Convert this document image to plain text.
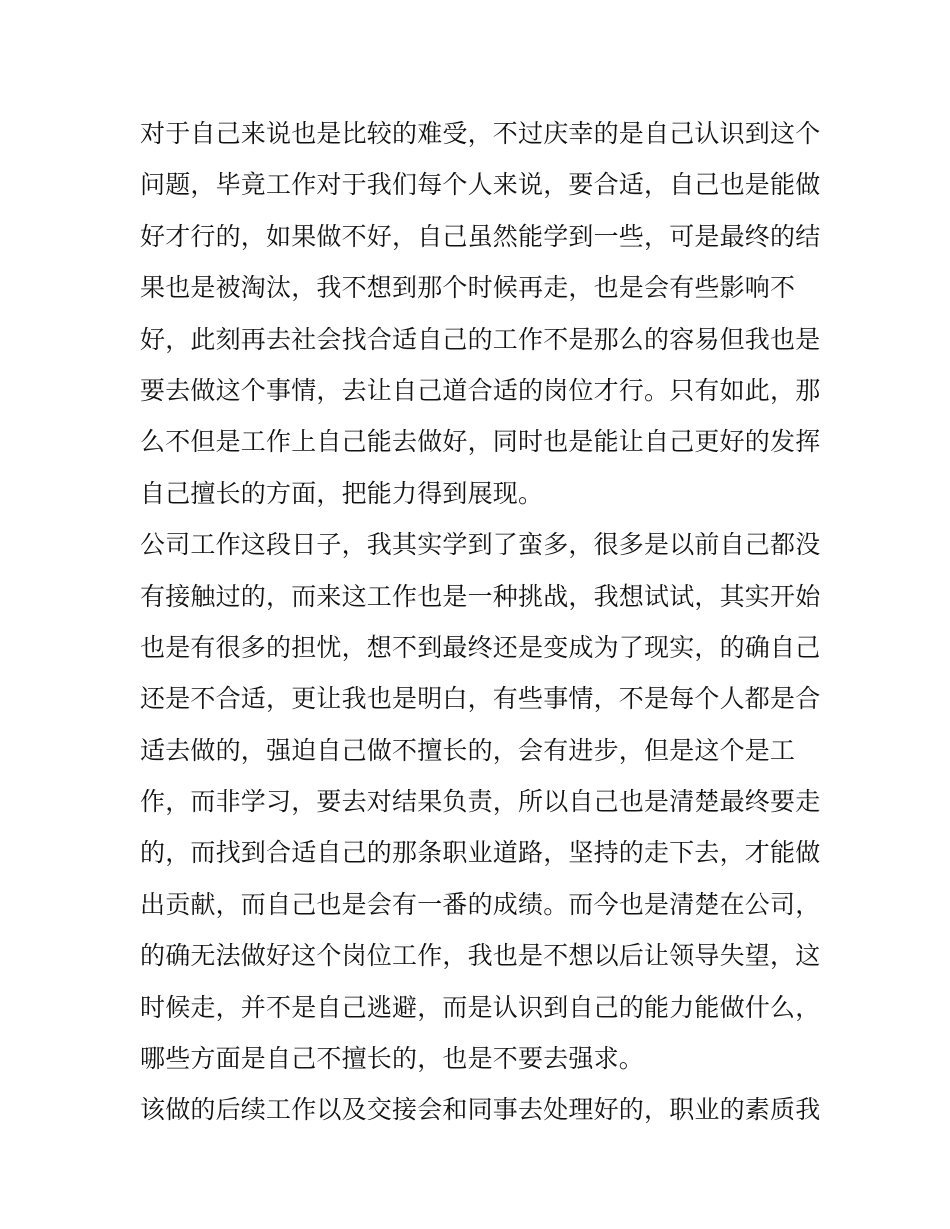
对于自己来说也是比较的难受，不过庆幸的是自己认识到这个
问题，毕竟工作对于我们每个人来说，要合适，自己也是能做
好才行的，如果做不好，自己虽然能学到一些，可是最终的结
果也是被淘汰，我不想到那个时候再走，也是会有些影响不
好，此刻再去社会找合适自己的工作不是那么的容易但我也是
要去做这个事情，去让自己道合适的岗位才行。只有如此，那
么不但是工作上自己能去做好，同时也是能让自己更好的发挥
自己擅长的方面，把能力得到展现。
公司工作这段日子，我其实学到了蛮多，很多是以前自己都没
有接触过的，而来这工作也是一种挑战，我想试试，其实开始
也是有很多的担忧，想不到最终还是变成为了现实，的确自己
还是不合适，更让我也是明白，有些事情，不是每个人都是合
适去做的，强迫自己做不擅长的，会有进步，但是这个是工
作，而非学习，要去对结果负责，所以自己也是清楚最终要走
的，而找到合适自己的那条职业道路，坚持的走下去，才能做
出贡献，而自己也是会有一番的成绩。而今也是清楚在公司，
的确无法做好这个岗位工作，我也是不想以后让领导失望，这
时候走，并不是自己逃避，而是认识到自己的能力能做什么，
哪些方面是自己不擅长的，也是不要去强求。
该做的后续工作以及交接会和同事去处理好的，职业的素质我
